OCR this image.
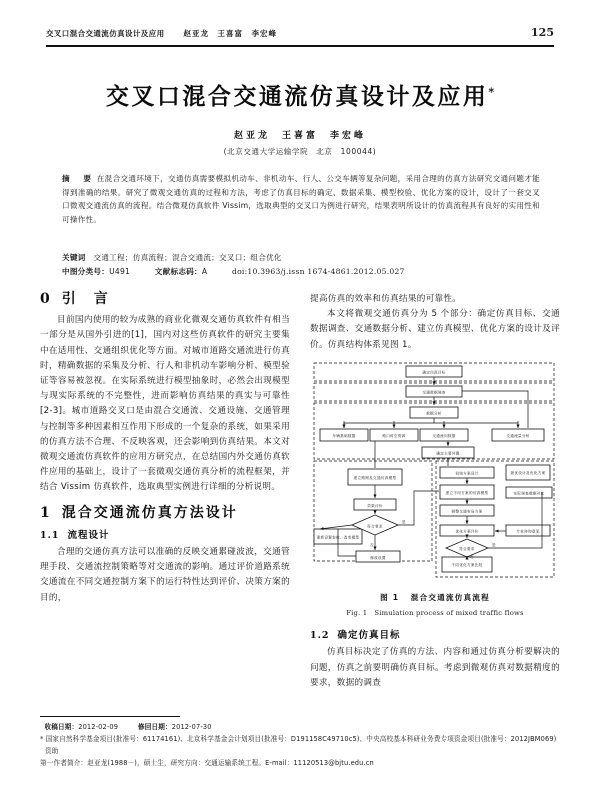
交叉口混合交通流仿真设计及应用	赵亚龙　王喜富　李宏峰	125
交叉口混合交通流仿真设计及应用*
赵亚龙　王喜富　李宏峰
(北京交通大学运输学院　北京　100044)
摘　要 在混合交通环境下，交通仿真需要模拟机动车、非机动车、行人、公交车辆等复杂问题，采用合理的仿真方法研究交通问题才能得到准确的结果。研究了微观交通仿真的过程和方法，考虑了仿真目标的确定、数据采集、模型校验、优化方案的设计，设计了一套交叉口微观交通流仿真的流程。结合微观仿真软件 Vissim，选取典型的交叉口为例进行研究，结果表明所设计的仿真流程具有良好的实用性和可操作性。
关键词 交通工程；仿真流程；混合交通流；交叉口；组合优化
中图分类号：U491	文献标志码：A	doi:10.3963/j.issn 1674-4861.2012.05.027
0 引　言

目前国内使用的较为成熟的商业化微观交通仿真软件有相当一部分是从国外引进的[1]，国内对这些仿真软件的研究主要集中在适用性、交通组织优化等方面。对城市道路交通流进行仿真时，精确数据的采集及分析、行人和非机动车影响分析、模型验证等容易被忽视。在实际系统进行模型抽象时，必然会出现模型与现实际系统的不完整性，进而影响仿真结果的真实与可靠性[2-3]。城市道路交叉口是由混合交通流、交通设施、交通管理与控制等多种因素相互作用下形成的一个复杂的系统，如果采用的仿真方法不合理、不反映客观，还会影响到仿真结果。本文对微观交通流仿真软件的应用方研究点，在总结国内外交通仿真软件应用的基础上，设计了一套微观交通仿真分析的流程框架，并结合 Vissim 仿真软件，选取典型实例进行详细的分析说明。

1 混合交通流仿真方法设计
1.1 流程设计

合理的交通仿真方法可以准确的反映交通累碰波波，交通管理手段、交通流控制策略等对交通流的影响。通过评价道路系统交通流在不同交通控制方案下的运行特性达到评价、决策方案的目的，

提高仿真的效率和仿真结果的可靠性。

本文将微观交通仿真分为 5 个部分：确定仿真目标、交通数据调查、交通数据分析、建立仿真模型、优化方案的设计及评价。仿真结构体系见图 1。

确定仿真目标
交通数据调查
数据分析
车辆基础数据	路口时空资源	交通流向数据	交通流量分析
确定主要问题
建立路网及交通仿真模型
效果评价
符合要求
重新设置参数、改变模型
修改设置
初始方案设计	最优设计及优化方案
建立不同方案的仿真模型	实际调查数据对比
调整交通布局方案
优化方案评价	专家咨询意见
符合要求
不同优化方案比较
是
否	是
否
图 1 混合交通流仿真流程
Fig. 1 Simulation process of mixed traffic flows
1.2 确定仿真目标

仿真目标决定了仿真的方法、内容和通过仿真分析要解决的问题，仿真之前要明确仿真目标。考虑到微观仿真对数据精度的要求，数据的调查

收稿日期：2012-02-09	修回日期：2012-07-30
* 国家自然科学基金项目(批准号：61174161)、北京科学基金会计划项目(批准号：D191158C49710c5)、中央高校基本科研业务费专项资金项目(批准号：2012JBM069)资助
第一作者简介：赵亚龙(1988－)，硕士生，研究方向：交通运输系统工程。E-mail：11120513@bjtu.edu.cn
